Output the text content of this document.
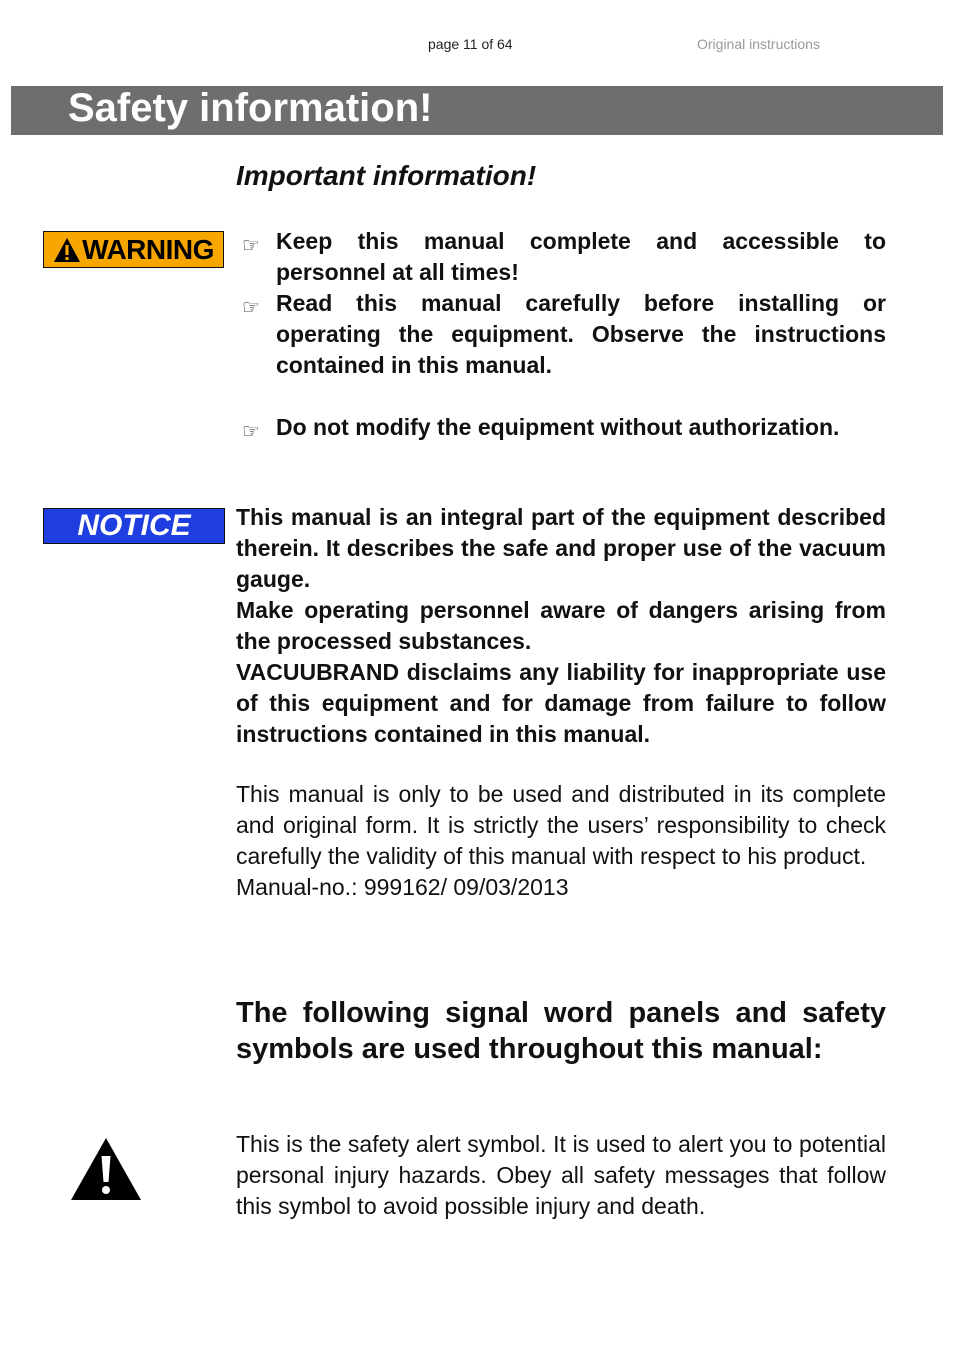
page 11 of 64	Original instructions
Safety information!
Important information!
WARNING ☞ Keep this manual complete and accessible to personnel at all times!
☞ Read this manual carefully before installing or operating the equipment. Observe the instructions contained in this manual.
☞ Do not modify the equipment without authorization.
NOTICE This manual is an integral part of the equipment described therein. It describes the safe and proper use of the vacuum gauge.

Make operating personnel aware of dangers arising from the processed substances.

VACUUBRAND disclaims any liability for inappropriate use of this equipment and for damage from failure to follow instructions contained in this manual.

This manual is only to be used and distributed in its complete and original form. It is strictly the users’ responsibility to check carefully the validity of this manual with respect to his product.

Manual-no.: 999162/ 09/03/2013

The following signal word panels and safety symbols are used throughout this manual:

This is the safety alert symbol. It is used to alert you to potential personal injury hazards. Obey all safety messages that follow this symbol to avoid possible injury and death.
